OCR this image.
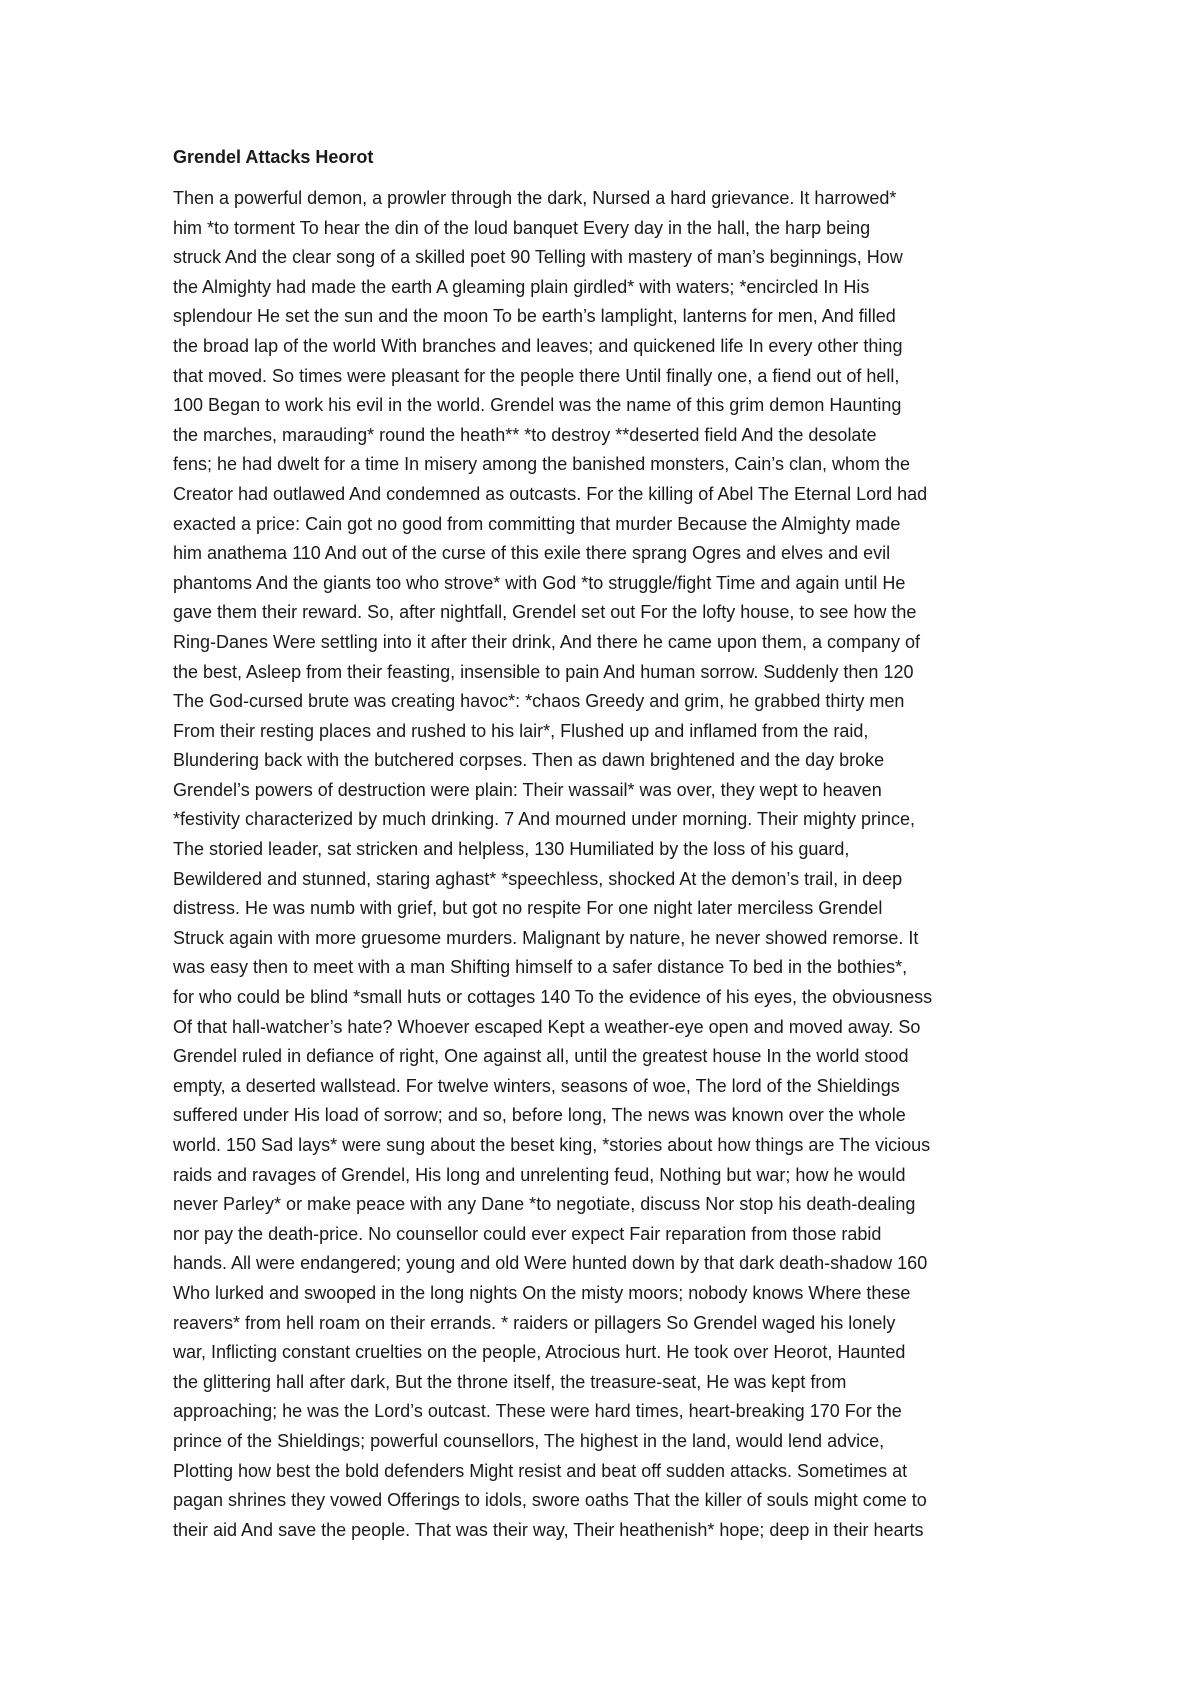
Grendel Attacks Heorot
Then a powerful demon, a prowler through the dark, Nursed a hard grievance. It harrowed*
him *to torment To hear the din of the loud banquet Every day in the hall, the harp being
struck And the clear song of a skilled poet 90 Telling with mastery of man’s beginnings, How
the Almighty had made the earth A gleaming plain girdled* with waters; *encircled In His
splendour He set the sun and the moon To be earth’s lamplight, lanterns for men, And filled
the broad lap of the world With branches and leaves; and quickened life In every other thing
that moved. So times were pleasant for the people there Until finally one, a fiend out of hell,
100 Began to work his evil in the world. Grendel was the name of this grim demon Haunting
the marches, marauding* round the heath** *to destroy **deserted field And the desolate
fens; he had dwelt for a time In misery among the banished monsters, Cain’s clan, whom the
Creator had outlawed And condemned as outcasts. For the killing of Abel The Eternal Lord had
exacted a price: Cain got no good from committing that murder Because the Almighty made
him anathema 110 And out of the curse of this exile there sprang Ogres and elves and evil
phantoms And the giants too who strove* with God *to struggle/fight Time and again until He
gave them their reward. So, after nightfall, Grendel set out For the lofty house, to see how the
Ring-Danes Were settling into it after their drink, And there he came upon them, a company of
the best, Asleep from their feasting, insensible to pain And human sorrow. Suddenly then 120
The God-cursed brute was creating havoc*: *chaos Greedy and grim, he grabbed thirty men
From their resting places and rushed to his lair*, Flushed up and inflamed from the raid,
Blundering back with the butchered corpses. Then as dawn brightened and the day broke
Grendel’s powers of destruction were plain: Their wassail* was over, they wept to heaven
*festivity characterized by much drinking. 7 And mourned under morning. Their mighty prince,
The storied leader, sat stricken and helpless, 130 Humiliated by the loss of his guard,
Bewildered and stunned, staring aghast* *speechless, shocked At the demon’s trail, in deep
distress. He was numb with grief, but got no respite For one night later merciless Grendel
Struck again with more gruesome murders. Malignant by nature, he never showed remorse. It
was easy then to meet with a man Shifting himself to a safer distance To bed in the bothies*,
for who could be blind *small huts or cottages 140 To the evidence of his eyes, the obviousness
Of that hall-watcher’s hate? Whoever escaped Kept a weather-eye open and moved away. So
Grendel ruled in defiance of right, One against all, until the greatest house In the world stood
empty, a deserted wallstead. For twelve winters, seasons of woe, The lord of the Shieldings
suffered under His load of sorrow; and so, before long, The news was known over the whole
world. 150 Sad lays* were sung about the beset king, *stories about how things are The vicious
raids and ravages of Grendel, His long and unrelenting feud, Nothing but war; how he would
never Parley* or make peace with any Dane *to negotiate, discuss Nor stop his death-dealing
nor pay the death-price. No counsellor could ever expect Fair reparation from those rabid
hands. All were endangered; young and old Were hunted down by that dark death-shadow 160
Who lurked and swooped in the long nights On the misty moors; nobody knows Where these
reavers* from hell roam on their errands. * raiders or pillagers So Grendel waged his lonely
war, Inflicting constant cruelties on the people, Atrocious hurt. He took over Heorot, Haunted
the glittering hall after dark, But the throne itself, the treasure-seat, He was kept from
approaching; he was the Lord’s outcast. These were hard times, heart-breaking 170 For the
prince of the Shieldings; powerful counsellors, The highest in the land, would lend advice,
Plotting how best the bold defenders Might resist and beat off sudden attacks. Sometimes at
pagan shrines they vowed Offerings to idols, swore oaths That the killer of souls might come to
their aid And save the people. That was their way, Their heathenish* hope; deep in their hearts
